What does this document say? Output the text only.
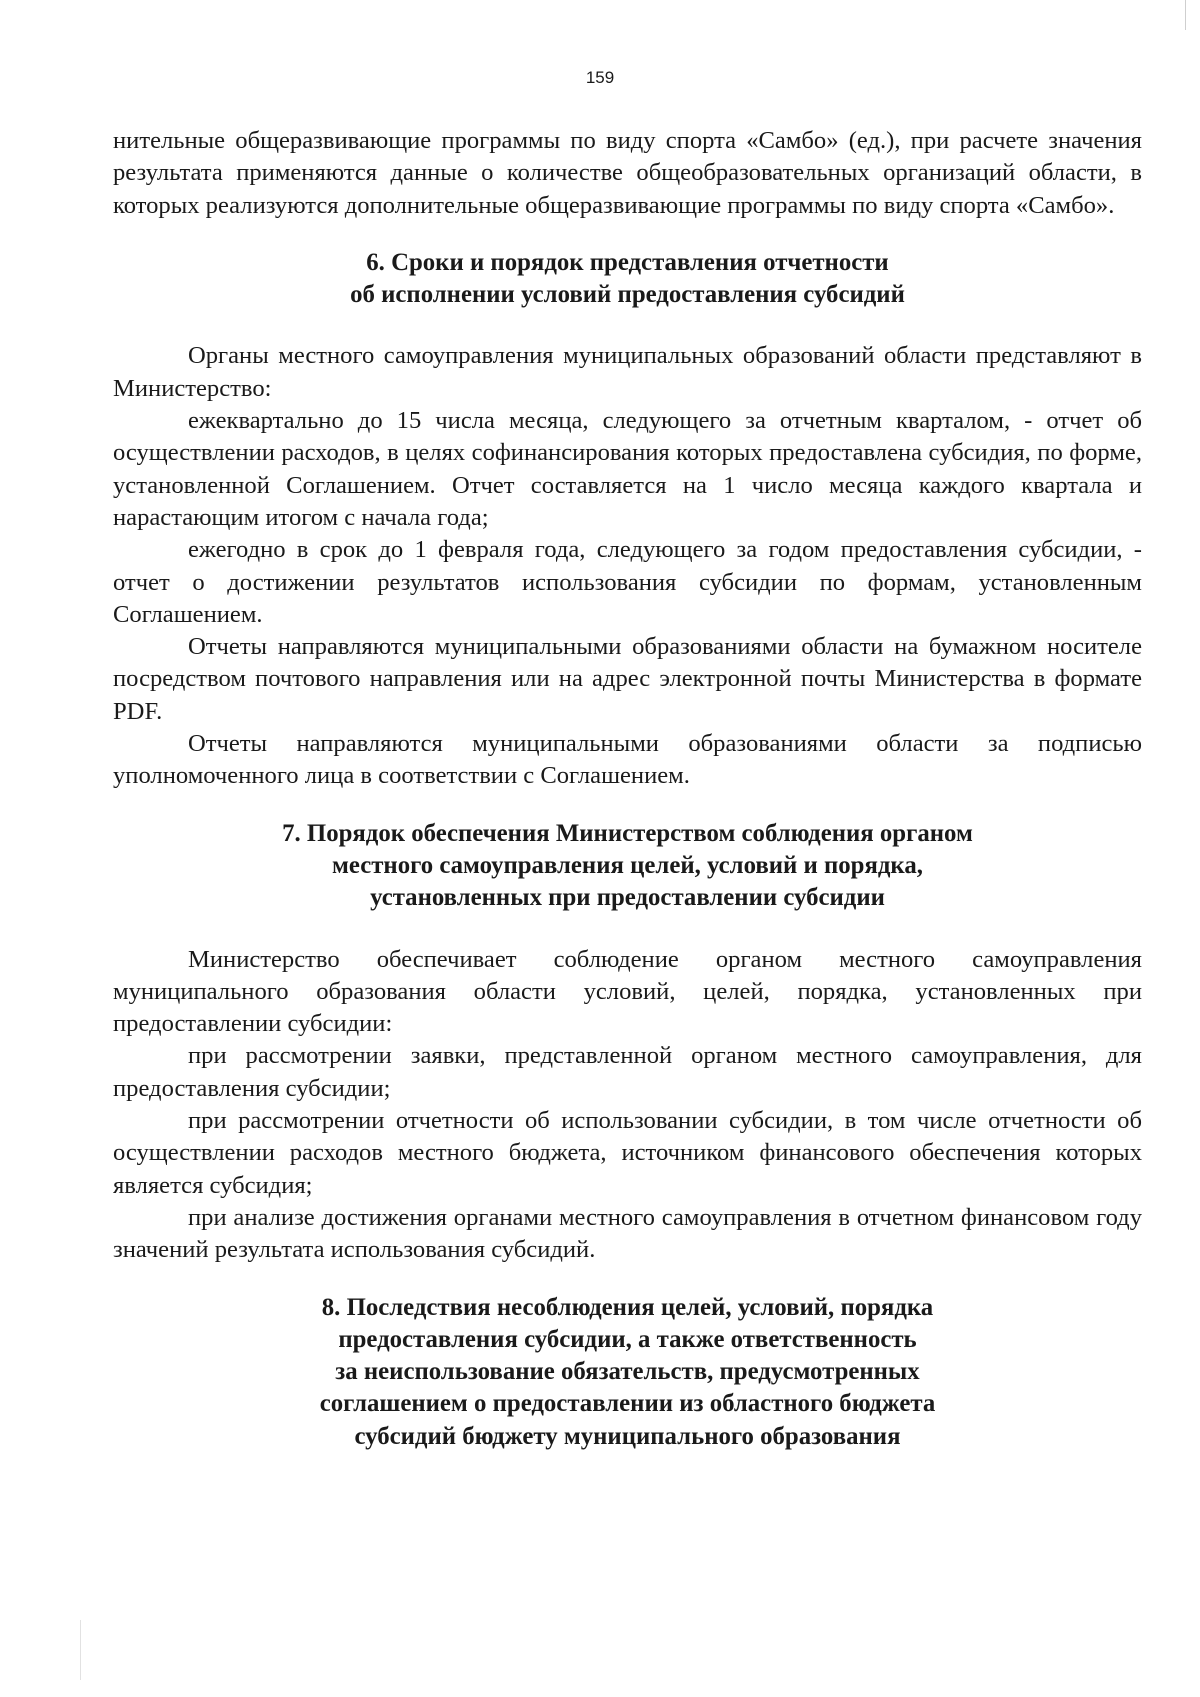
159

нительные общеразвивающие программы по виду спорта «Самбо» (ед.), при расчете значения результата применяются данные о количестве общеобразовательных организаций области, в которых реализуются дополнительные общеразвивающие программы по виду спорта «Самбо».

6. Сроки и порядок представления отчетности
об исполнении условий предоставления субсидий

Органы местного самоуправления муниципальных образований области представляют в Министерство:

ежеквартально до 15 числа месяца, следующего за отчетным кварталом, - отчет об осуществлении расходов, в целях софинансирования которых предоставлена субсидия, по форме, установленной Соглашением. Отчет составляется на 1 число месяца каждого квартала и нарастающим итогом с начала года;

ежегодно в срок до 1 февраля года, следующего за годом предоставления субсидии, - отчет о достижении результатов использования субсидии по формам, установленным Соглашением.

Отчеты направляются муниципальными образованиями области на бумажном носителе посредством почтового направления или на адрес электронной почты Министерства в формате PDF.

Отчеты направляются муниципальными образованиями области за подписью уполномоченного лица в соответствии с Соглашением.

7. Порядок обеспечения Министерством соблюдения органом
местного самоуправления целей, условий и порядка,
установленных при предоставлении субсидии

Министерство обеспечивает соблюдение органом местного самоуправления муниципального образования области условий, целей, порядка, установленных при предоставлении субсидии:

при рассмотрении заявки, представленной органом местного самоуправления, для предоставления субсидии;

при рассмотрении отчетности об использовании субсидии, в том числе отчетности об осуществлении расходов местного бюджета, источником финансового обеспечения которых является субсидия;

при анализе достижения органами местного самоуправления в отчетном финансовом году значений результата использования субсидий.

8. Последствия несоблюдения целей, условий, порядка
предоставления субсидии, а также ответственность
за неиспользование обязательств, предусмотренных
соглашением о предоставлении из областного бюджета
субсидий бюджету муниципального образования
